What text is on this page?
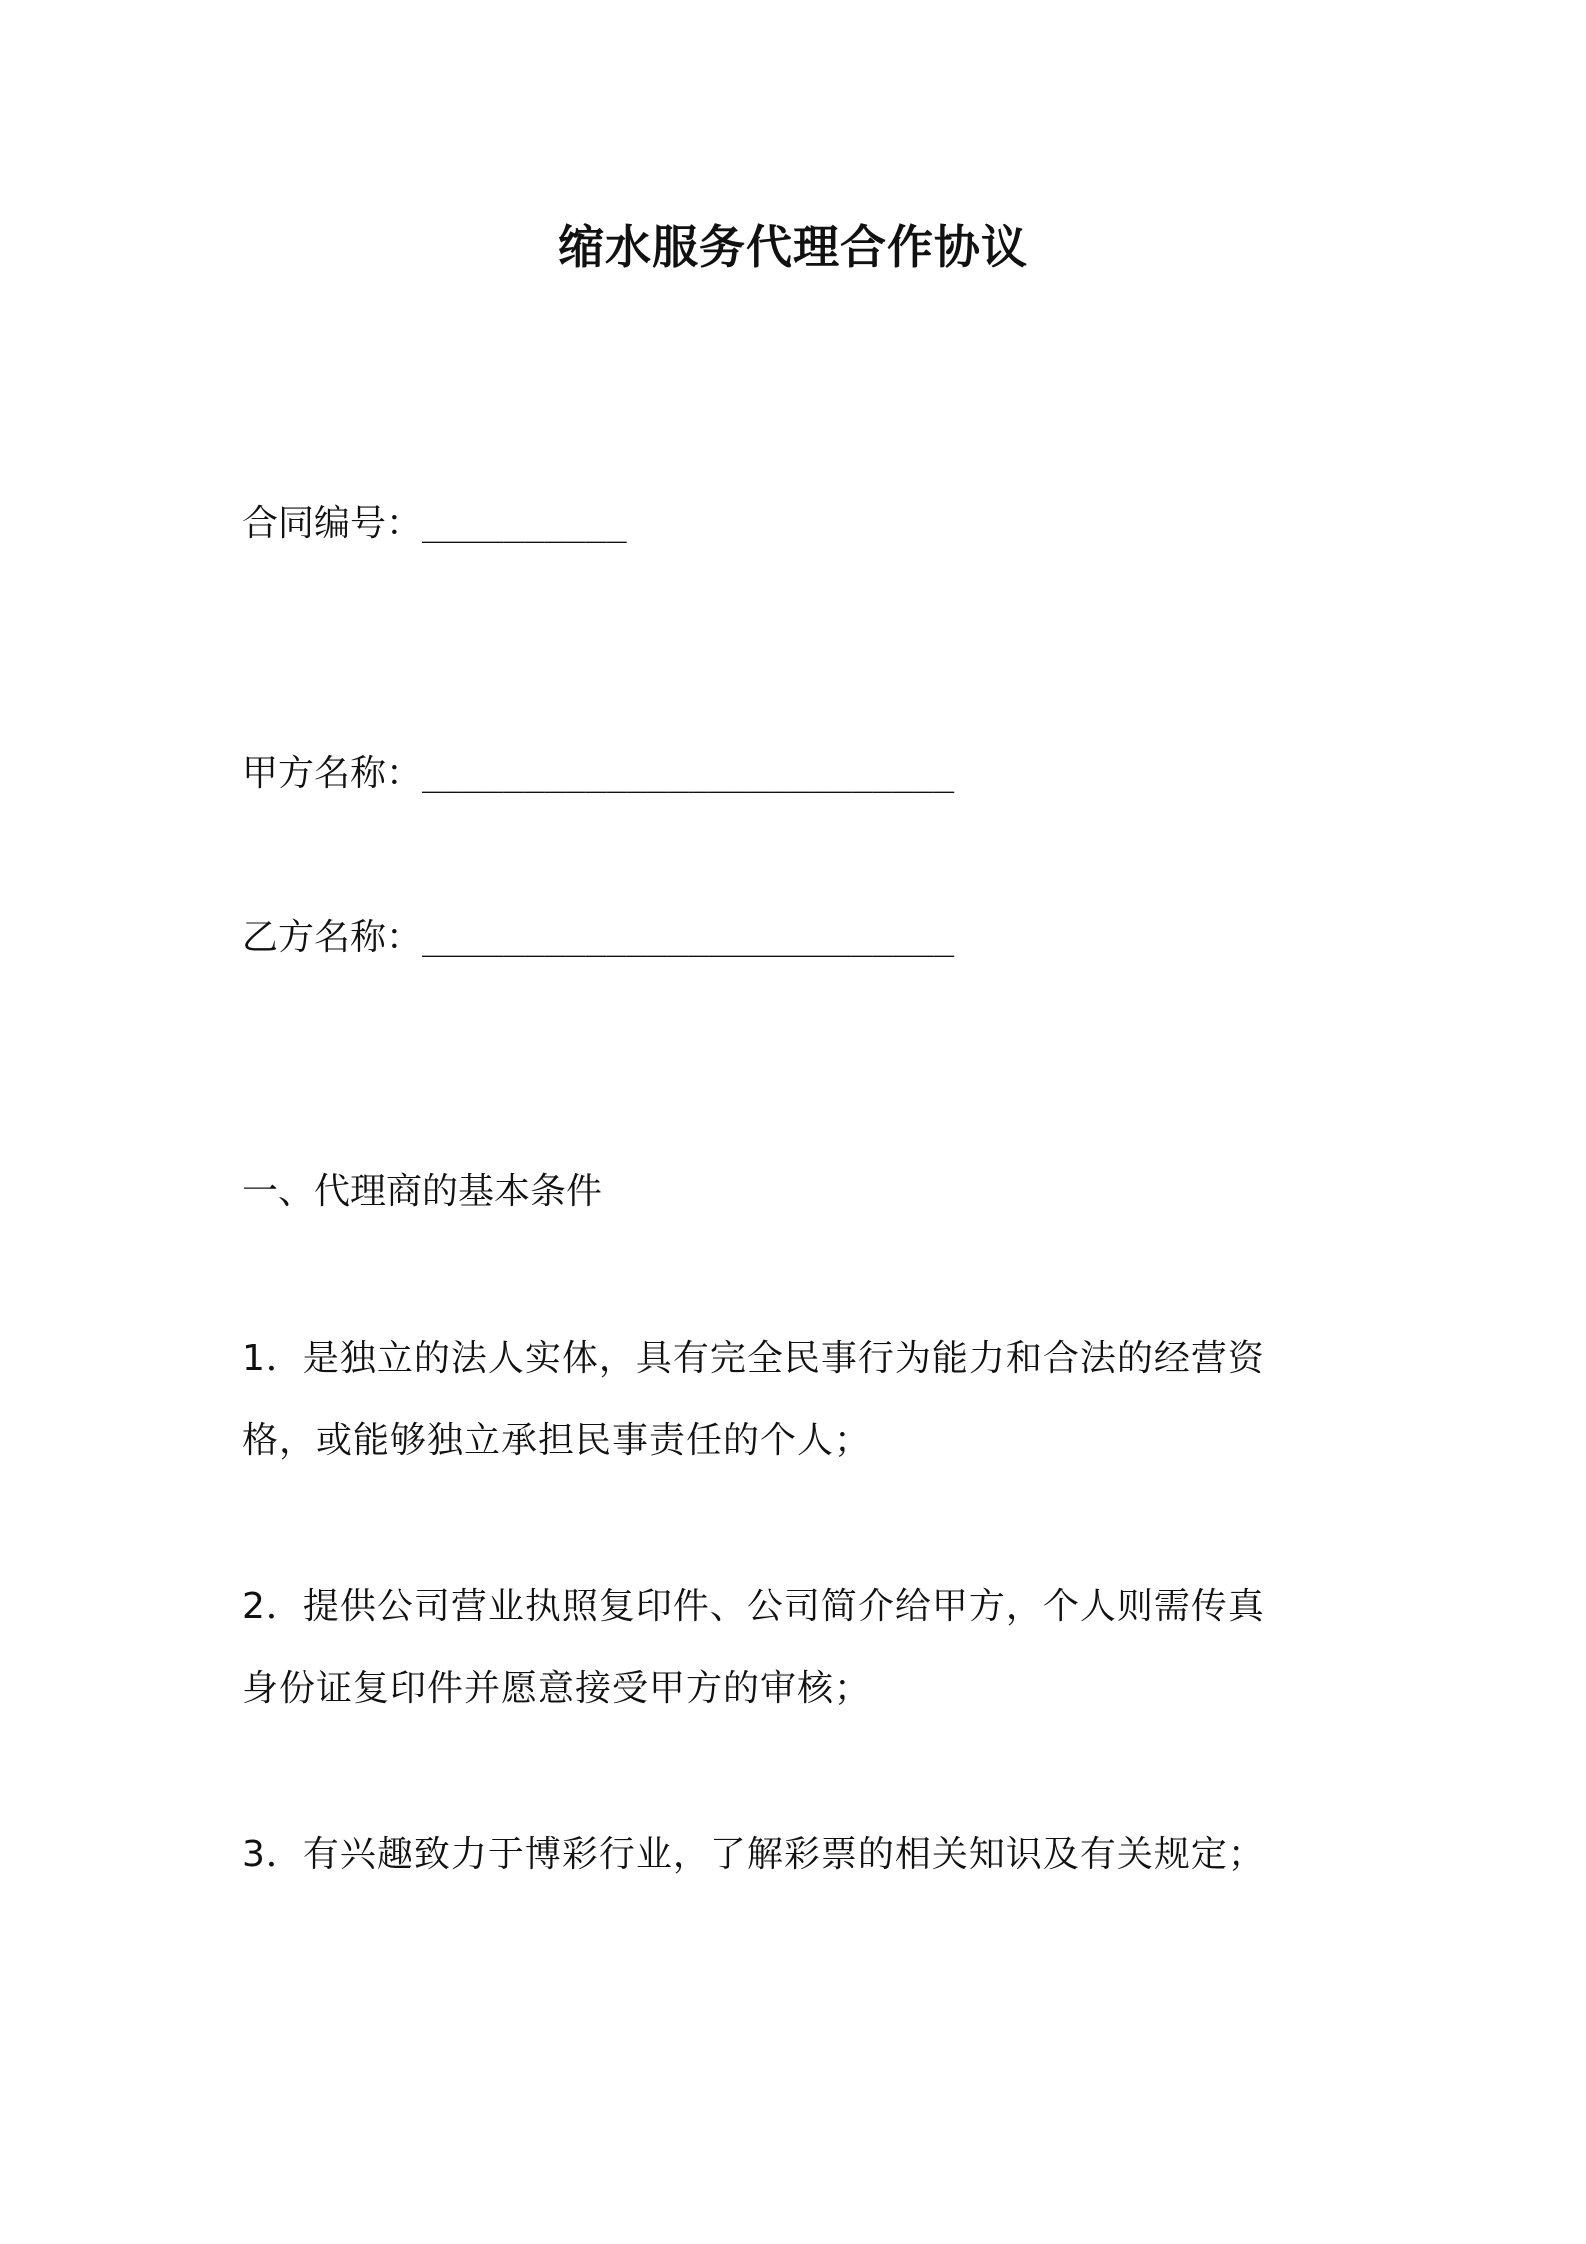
缩水服务代理合作协议
合同编号：__________
甲方名称：__________________________
乙方名称：__________________________
一、代理商的基本条件
1．是独立的法人实体，具有完全民事行为能力和合法的经营资
格，或能够独立承担民事责任的个人；
2．提供公司营业执照复印件、公司简介给甲方，个人则需传真
身份证复印件并愿意接受甲方的审核；
3．有兴趣致力于博彩行业，了解彩票的相关知识及有关规定；
